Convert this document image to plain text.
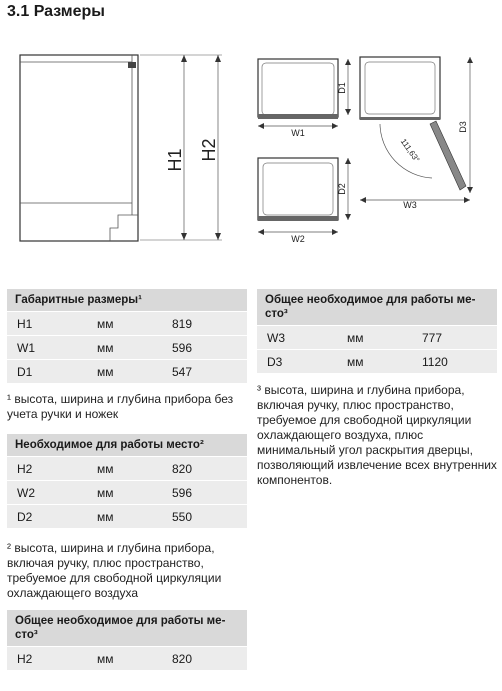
3.1 Размеры
H1 H2
W1
D1
W2
D2
W3
D3
111,63°
Габаритные размеры¹
H1	мм	819
W1	мм	596
D1	мм	547
¹ высота, ширина и глубина прибора без учета ручки и ножек
Необходимое для работы место²
H2	мм	820
W2	мм	596
D2	мм	550
² высота, ширина и глубина прибора, включая ручку, плюс пространство, требуемое для свободной циркуляции охлаждающего воздуха
Общее необходимое для работы ме-
сто³
H2	мм	820
Общее необходимое для работы ме-
сто³
W3	мм	777
D3	мм	1120
³ высота, ширина и глубина прибора, включая ручку, плюс пространство, требуемое для свободной циркуляции охлаждающего воздуха, плюс минимальный угол раскрытия дверцы, позволяющий извлечение всех внутренних компонентов.
